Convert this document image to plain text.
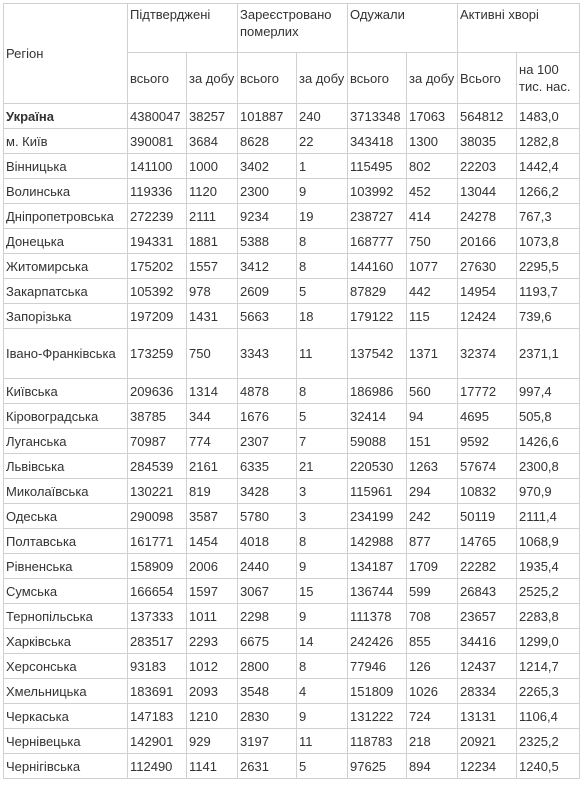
Регіон	Підтверджені		Зареєстровано померлих		Одужали		Активні хворі	
	всього	за добу	всього	за добу	всього	за добу	Всього	на 100 тис. нас.
Україна	4380047	38257	101887	240	3713348	17063	564812	1483,0
м. Київ	390081	3684	8628	22	343418	1300	38035	1282,8
Вінницька	141100	1000	3402	1	115495	802	22203	1442,4
Волинська	119336	1120	2300	9	103992	452	13044	1266,2
Дніпропетровська	272239	2111	9234	19	238727	414	24278	767,3
Донецька	194331	1881	5388	8	168777	750	20166	1073,8
Житомирська	175202	1557	3412	8	144160	1077	27630	2295,5
Закарпатська	105392	978	2609	5	87829	442	14954	1193,7
Запорізька	197209	1431	5663	18	179122	115	12424	739,6
Івано-Франківська	173259	750	3343	11	137542	1371	32374	2371,1
Київська	209636	1314	4878	8	186986	560	17772	997,4
Кіровоградська	38785	344	1676	5	32414	94	4695	505,8
Луганська	70987	774	2307	7	59088	151	9592	1426,6
Львівська	284539	2161	6335	21	220530	1263	57674	2300,8
Миколаївська	130221	819	3428	3	115961	294	10832	970,9
Одеська	290098	3587	5780	3	234199	242	50119	2111,4
Полтавська	161771	1454	4018	8	142988	877	14765	1068,9
Рівненська	158909	2006	2440	9	134187	1709	22282	1935,4
Сумська	166654	1597	3067	15	136744	599	26843	2525,2
Тернопільська	137333	1011	2298	9	111378	708	23657	2283,8
Харківська	283517	2293	6675	14	242426	855	34416	1299,0
Херсонська	93183	1012	2800	8	77946	126	12437	1214,7
Хмельницька	183691	2093	3548	4	151809	1026	28334	2265,3
Черкаська	147183	1210	2830	9	131222	724	13131	1106,4
Чернівецька	142901	929	3197	11	118783	218	20921	2325,2
Чернігівська	112490	1141	2631	5	97625	894	12234	1240,5
